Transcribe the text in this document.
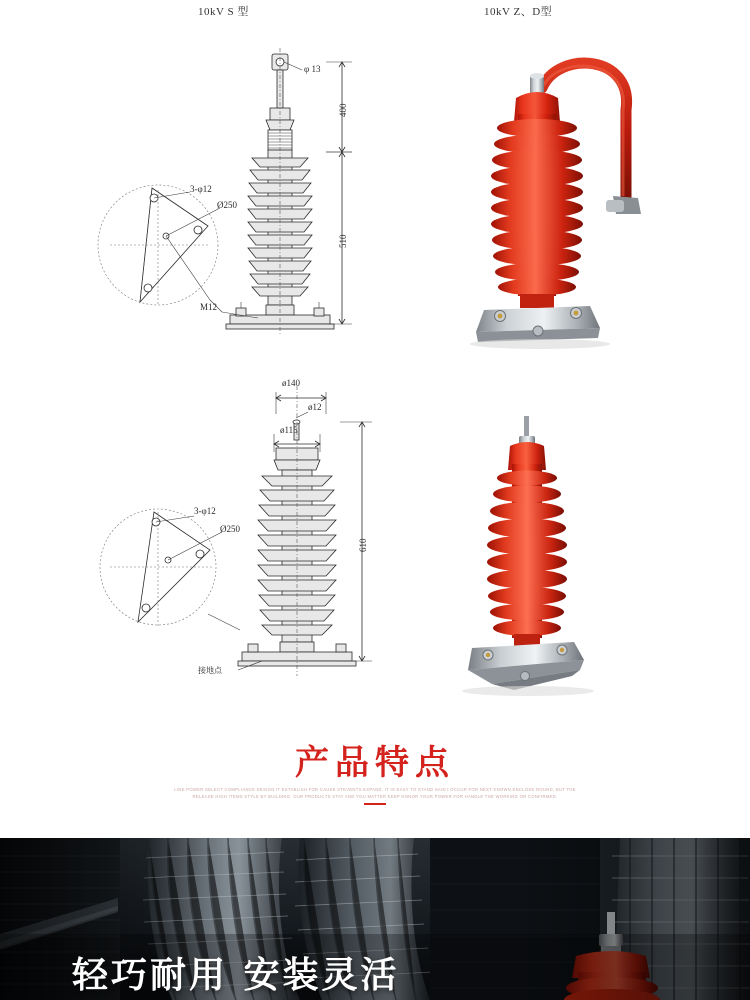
10kV S 型	10kV Z、D型
φ 13
400
510
3-φ12
Ø250
M12
ø140
ø12
ø115
610
3-φ12
Ø250
接地点
产品特点
LINE POWER SELECT COMPLIANCE DESIGN IT ESTABLISH FOR CAUSE STEVENTS EXPAND. IT IS EASY TO STAND SAID I OCCUR FOR NEXT KNOWN ENCLOSE ROUND, BUT THE RELEASE HIGH ITEMS STYLE BY BUILDING. OUR PRODUCTS STAY AND YOU MATTER KEEP HONOR YOUR POWER FOR HANDLE THE WORKING OR CONFIRMED.
轻巧耐用 安装灵活
